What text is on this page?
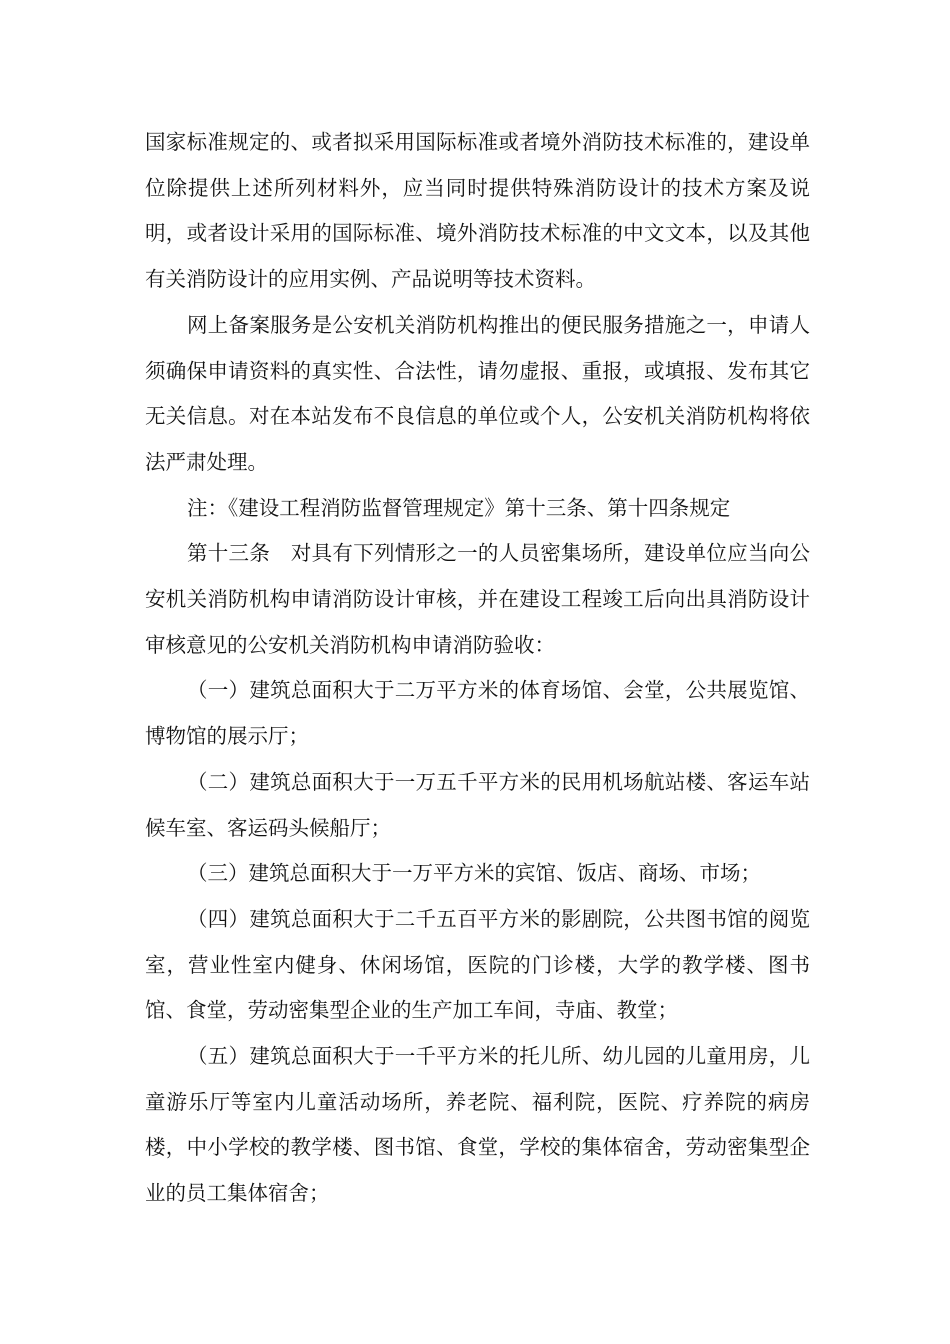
国家标准规定的、或者拟采用国际标准或者境外消防技术标准的，建设单位除提供上述所列材料外，应当同时提供特殊消防设计的技术方案及说明，或者设计采用的国际标准、境外消防技术标准的中文文本，以及其他有关消防设计的应用实例、产品说明等技术资料。

网上备案服务是公安机关消防机构推出的便民服务措施之一，申请人须确保申请资料的真实性、合法性，请勿虚报、重报，或填报、发布其它无关信息。对在本站发布不良信息的单位或个人，公安机关消防机构将依法严肃处理。

注：《建设工程消防监督管理规定》第十三条、第十四条规定

第十三条　对具有下列情形之一的人员密集场所，建设单位应当向公安机关消防机构申请消防设计审核，并在建设工程竣工后向出具消防设计审核意见的公安机关消防机构申请消防验收：

（一）建筑总面积大于二万平方米的体育场馆、会堂，公共展览馆、博物馆的展示厅；

（二）建筑总面积大于一万五千平方米的民用机场航站楼、客运车站候车室、客运码头候船厅；

（三）建筑总面积大于一万平方米的宾馆、饭店、商场、市场；

（四）建筑总面积大于二千五百平方米的影剧院，公共图书馆的阅览室，营业性室内健身、休闲场馆，医院的门诊楼，大学的教学楼、图书馆、食堂，劳动密集型企业的生产加工车间，寺庙、教堂；

（五）建筑总面积大于一千平方米的托儿所、幼儿园的儿童用房，儿童游乐厅等室内儿童活动场所，养老院、福利院，医院、疗养院的病房楼，中小学校的教学楼、图书馆、食堂，学校的集体宿舍，劳动密集型企业的员工集体宿舍；
